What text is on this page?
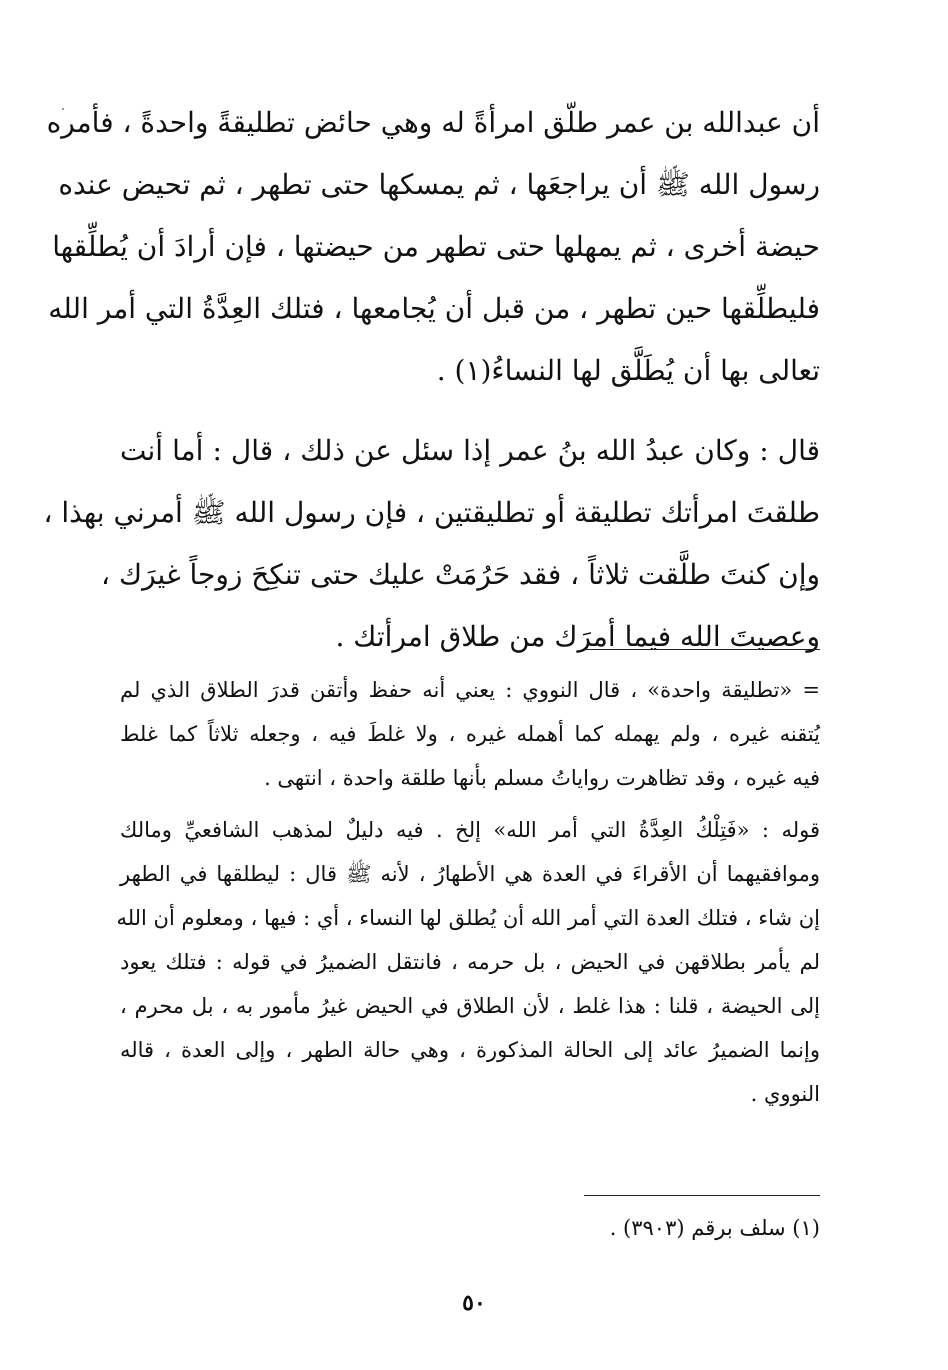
أن عبدالله بن عمر طلّق امرأةً له وهي حائض تطليقةً واحدةً ، فأمره
رسول الله ﷺ أن يراجعَها ، ثم يمسكها حتى تطهر ، ثم تحيض عنده
حيضة أخرى ، ثم يمهلها حتى تطهر من حيضتها ، فإن أرادَ أن يُطلِّقها
فليطلِّقها حين تطهر ، من قبل أن يُجامعها ، فتلك العِدَّةُ التي أمر الله
تعالى بها أن يُطَلَّق لها النساءُ(١) .
قال : وكان عبدُ الله بنُ عمر إذا سئل عن ذلك ، قال : أما أنت
طلقتَ امرأتك تطليقة أو تطليقتين ، فإن رسول الله ﷺ أمرني بهذا ،
وإن كنتَ طلَّقت ثلاثاً ، فقد حَرُمَتْ عليك حتى تنكِحَ زوجاً غيرَك ،
وعصيتَ الله فيما أمرَك من طلاق امرأتك .
= «تطليقة واحدة» ، قال النووي : يعني أنه حفظ وأتقن قدرَ الطلاق الذي لم
يُتقنه غيره ، ولم يهمله كما أهمله غيره ، ولا غلطَ فيه ، وجعله ثلاثاً كما غلط
فيه غيره ، وقد تظاهرت رواياتُ مسلم بأنها طلقة واحدة ، انتهى .
قوله : «فَتِلْكُ العِدَّةُ التي أمر الله» إلخ . فيه دليلٌ لمذهب الشافعيِّ ومالك
وموافقيهما أن الأقراءَ في العدة هي الأطهارُ ، لأنه ﷺ قال : ليطلقها في الطهر
إن شاء ، فتلك العدة التي أمر الله أن يُطلق لها النساء ، أي : فيها ، ومعلوم أن الله
لم يأمر بطلاقهن في الحيض ، بل حرمه ، فانتقل الضميرُ في قوله : فتلك يعود
إلى الحيضة ، قلنا : هذا غلط ، لأن الطلاق في الحيض غيرُ مأمور به ، بل محرم ،
وإنما الضميرُ عائد إلى الحالة المذكورة ، وهي حالة الطهر ، وإلى العدة ، قاله
النووي .
(١) سلف برقم (٣٩٠٣) .
٥٠
